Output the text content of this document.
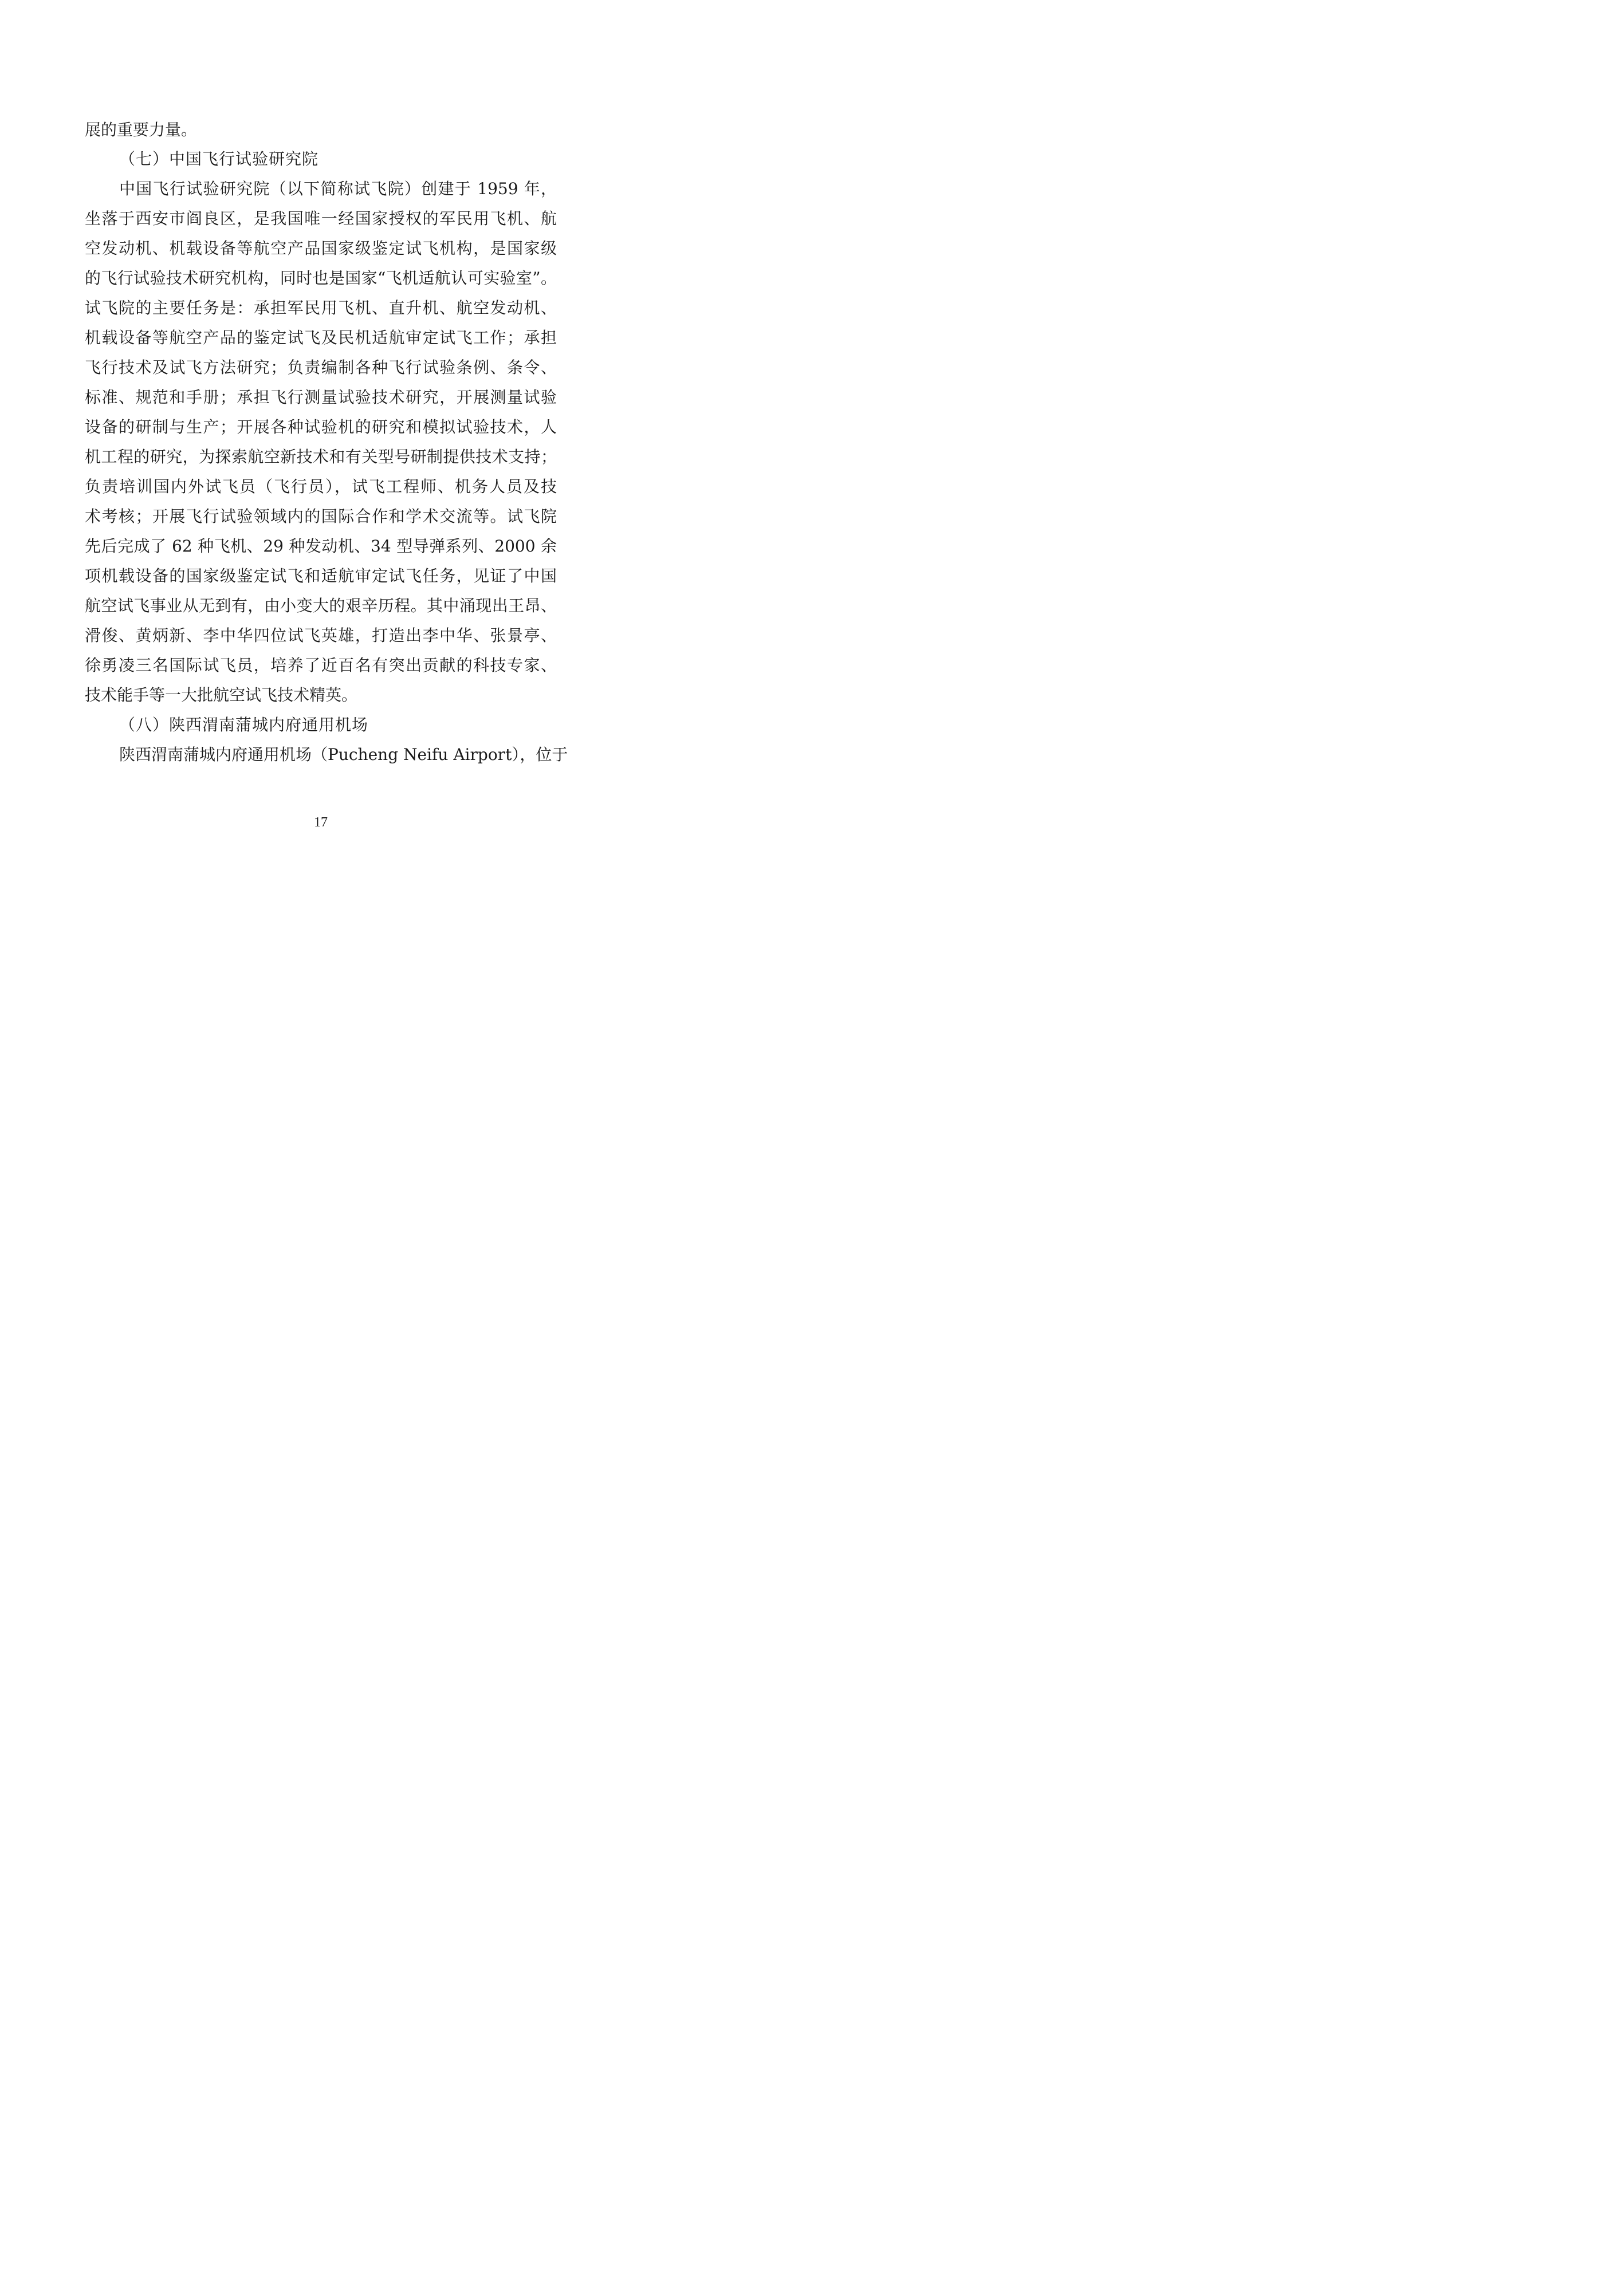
展的重要力量。
（七）中国飞行试验研究院
中国飞行试验研究院（以下简称试飞院）创建于 1959 年，
坐落于西安市阎良区，是我国唯一经国家授权的军民用飞机、航
空发动机、机载设备等航空产品国家级鉴定试飞机构，是国家级
的飞行试验技术研究机构，同时也是国家“飞机适航认可实验室”。
试飞院的主要任务是：承担军民用飞机、直升机、航空发动机、
机载设备等航空产品的鉴定试飞及民机适航审定试飞工作；承担
飞行技术及试飞方法研究；负责编制各种飞行试验条例、条令、
标准、规范和手册；承担飞行测量试验技术研究，开展测量试验
设备的研制与生产；开展各种试验机的研究和模拟试验技术，人
机工程的研究，为探索航空新技术和有关型号研制提供技术支持；
负责培训国内外试飞员（飞行员），试飞工程师、机务人员及技
术考核；开展飞行试验领域内的国际合作和学术交流等。试飞院
先后完成了 62 种飞机、29 种发动机、34 型导弹系列、2000 余
项机载设备的国家级鉴定试飞和适航审定试飞任务，见证了中国
航空试飞事业从无到有，由小变大的艰辛历程。其中涌现出王昂、
滑俊、黄炳新、李中华四位试飞英雄，打造出李中华、张景亭、
徐勇凌三名国际试飞员，培养了近百名有突出贡献的科技专家、
技术能手等一大批航空试飞技术精英。
（八）陕西渭南蒲城内府通用机场
陕西渭南蒲城内府通用机场（Pucheng Neifu Airport），位于
17
